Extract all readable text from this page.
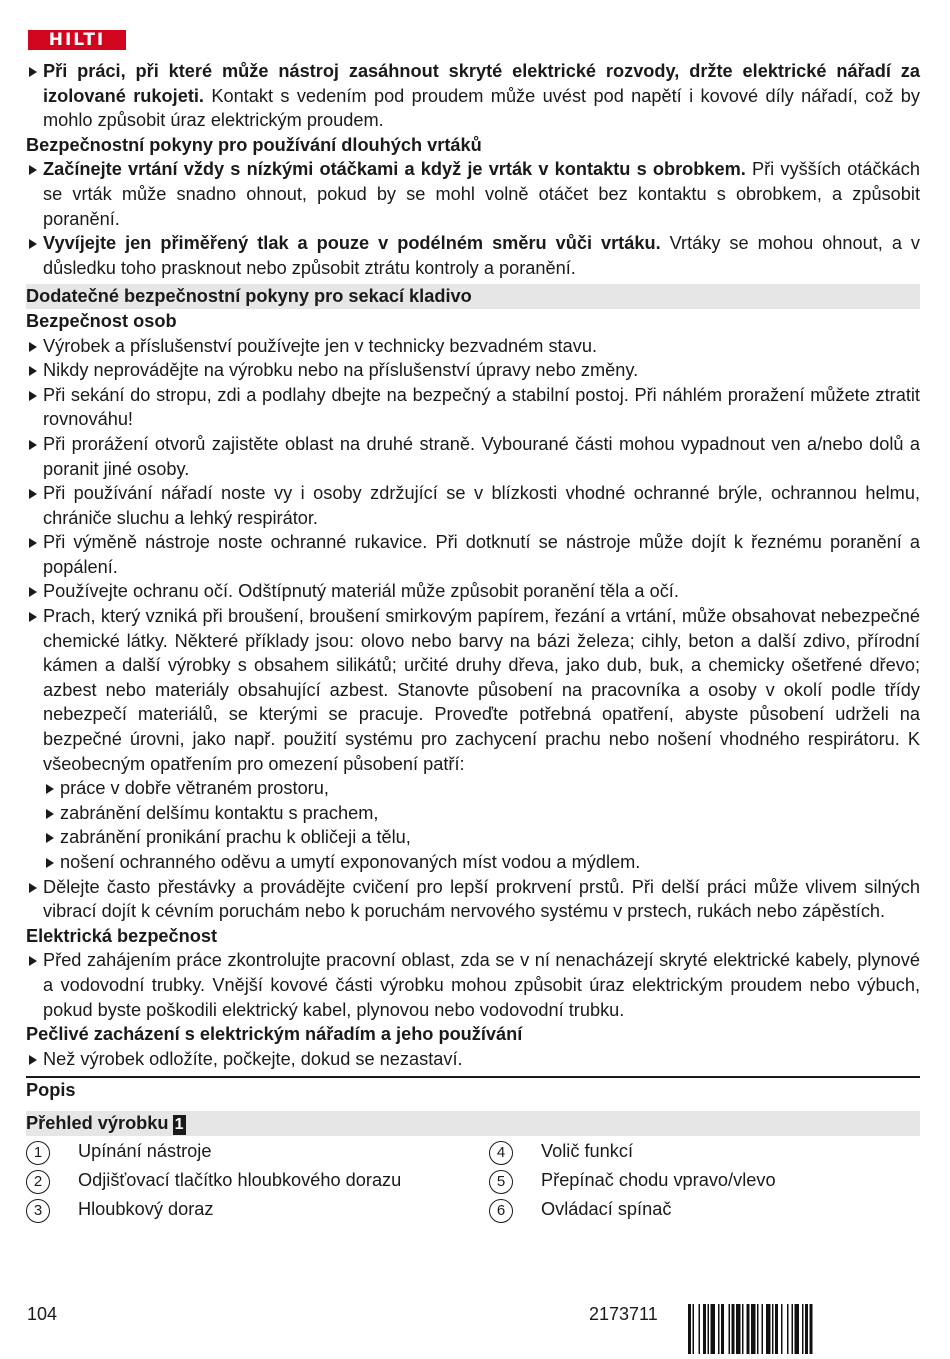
HILTI
Při práci, při které může nástroj zasáhnout skryté elektrické rozvody, držte elektrické nářadí za izolované rukojeti. Kontakt s vedením pod proudem může uvést pod napětí i kovové díly nářadí, což by mohlo způsobit úraz elektrickým proudem.
Bezpečnostní pokyny pro používání dlouhých vrtáků
Začínejte vrtání vždy s nízkými otáčkami a když je vrták v kontaktu s obrobkem. Při vyšších otáčkách se vrták může snadno ohnout, pokud by se mohl volně otáčet bez kontaktu s obrobkem, a způsobit poranění.
Vyvíjejte jen přiměřený tlak a pouze v podélném směru vůči vrtáku. Vrtáky se mohou ohnout, a v důsledku toho prasknout nebo způsobit ztrátu kontroly a poranění.
Dodatečné bezpečnostní pokyny pro sekací kladivo
Bezpečnost osob
Výrobek a příslušenství používejte jen v technicky bezvadném stavu.
Nikdy neprovádějte na výrobku nebo na příslušenství úpravy nebo změny.
Při sekání do stropu, zdi a podlahy dbejte na bezpečný a stabilní postoj. Při náhlém proražení můžete ztratit rovnováhu!
Při prorážení otvorů zajistěte oblast na druhé straně. Vybourané části mohou vypadnout ven a/nebo dolů a poranit jiné osoby.
Při používání nářadí noste vy i osoby zdržující se v blízkosti vhodné ochranné brýle, ochrannou helmu, chrániče sluchu a lehký respirátor.
Při výměně nástroje noste ochranné rukavice. Při dotknutí se nástroje může dojít k řeznému poranění a popálení.
Používejte ochranu očí. Odštípnutý materiál může způsobit poranění těla a očí.
Prach, který vzniká při broušení, broušení smirkovým papírem, řezání a vrtání, může obsahovat nebezpečné chemické látky. Některé příklady jsou: olovo nebo barvy na bázi železa; cihly, beton a další zdivo, přírodní kámen a další výrobky s obsahem silikátů; určité druhy dřeva, jako dub, buk, a chemicky ošetřené dřevo; azbest nebo materiály obsahující azbest. Stanovte působení na pracovníka a osoby v okolí podle třídy nebezpečí materiálů, se kterými se pracuje. Proveďte potřebná opatření, abyste působení udrželi na bezpečné úrovni, jako např. použití systému pro zachycení prachu nebo nošení vhodného respirátoru. K všeobecným opatřením pro omezení působení patří:
práce v dobře větraném prostoru,
zabránění delšímu kontaktu s prachem,
zabránění pronikání prachu k obličeji a tělu,
nošení ochranného oděvu a umytí exponovaných míst vodou a mýdlem.
Dělejte často přestávky a provádějte cvičení pro lepší prokrvení prstů. Při delší práci může vlivem silných vibrací dojít k cévním poruchám nebo k poruchám nervového systému v prstech, rukách nebo zápěstích.
Elektrická bezpečnost
Před zahájením práce zkontrolujte pracovní oblast, zda se v ní nenacházejí skryté elektrické kabely, plynové a vodovodní trubky. Vnější kovové části výrobku mohou způsobit úraz elektrickým proudem nebo výbuch, pokud byste poškodili elektrický kabel, plynovou nebo vodovodní trubku.
Pečlivé zacházení s elektrickým nářadím a jeho používání
Než výrobek odložíte, počkejte, dokud se nezastaví.
Popis
Přehled výrobku 1
1	Upínání nástroje
2	Odjišťovací tlačítko hloubkového dorazu
3	Hloubkový doraz
4	Volič funkcí
5	Přepínač chodu vpravo/vlevo
6	Ovládací spínač
104	2173711
